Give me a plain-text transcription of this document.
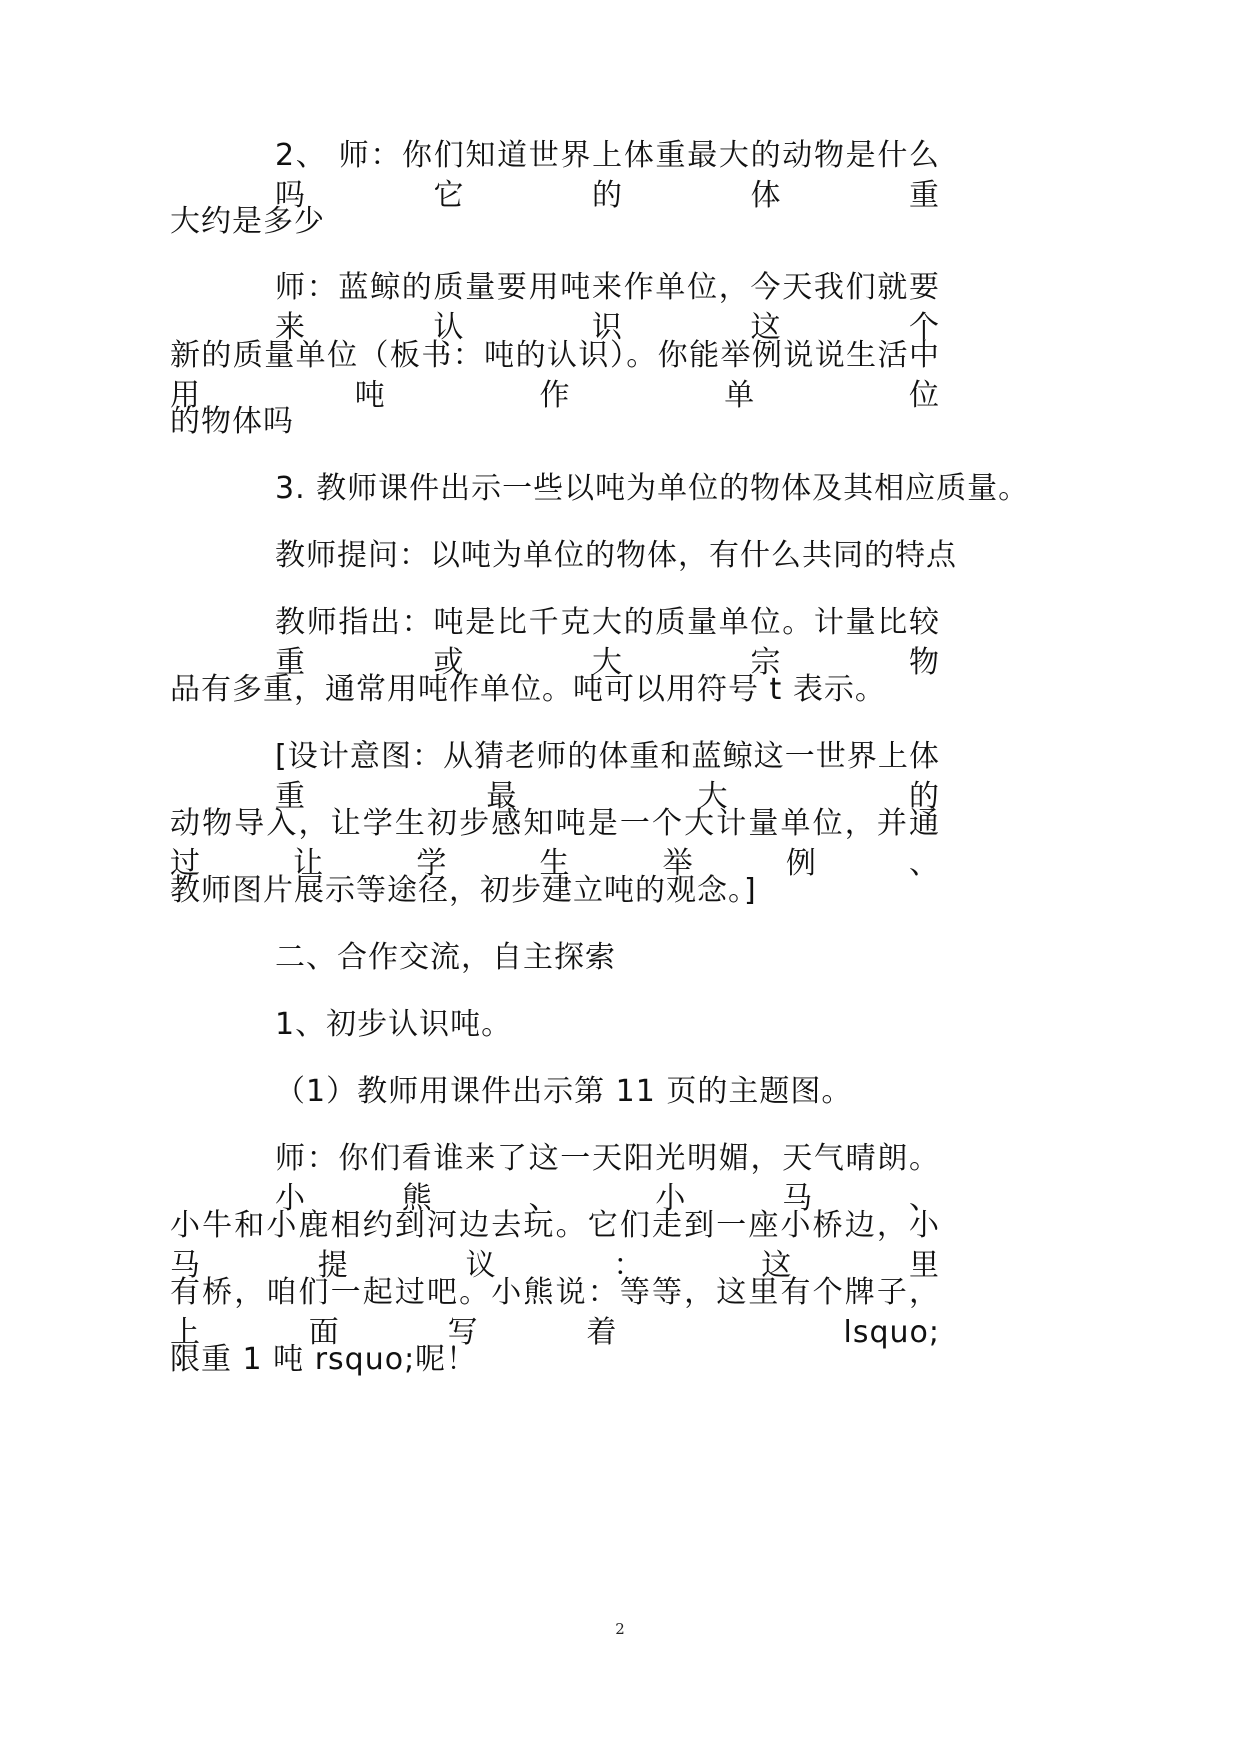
2、 师：你们知道世界上体重最大的动物是什么吗它的体重
大约是多少
师：蓝鲸的质量要用吨来作单位，今天我们就要来认识这个
新的质量单位（板书：吨的认识）。你能举例说说生活中用吨作单位
的物体吗
3. 教师课件出示一些以吨为单位的物体及其相应质量。
教师提问：以吨为单位的物体，有什么共同的特点
教师指出：吨是比千克大的质量单位。计量比较重或大宗物
品有多重，通常用吨作单位。吨可以用符号 t 表示。
[设计意图：从猜老师的体重和蓝鲸这一世界上体重最大的
动物导入，让学生初步感知吨是一个大计量单位，并通过让学生举例、
教师图片展示等途径，初步建立吨的观念。]
二、合作交流，自主探索
1、初步认识吨。
（1）教师用课件出示第 11 页的主题图。
师：你们看谁来了这一天阳光明媚，天气晴朗。小熊、小马、
小牛和小鹿相约到河边去玩。它们走到一座小桥边，小马提议：这里
有桥，咱们一起过吧。小熊说：等等，这里有个牌子，上面写着 lsquo;
限重 1 吨 rsquo;呢！
2
